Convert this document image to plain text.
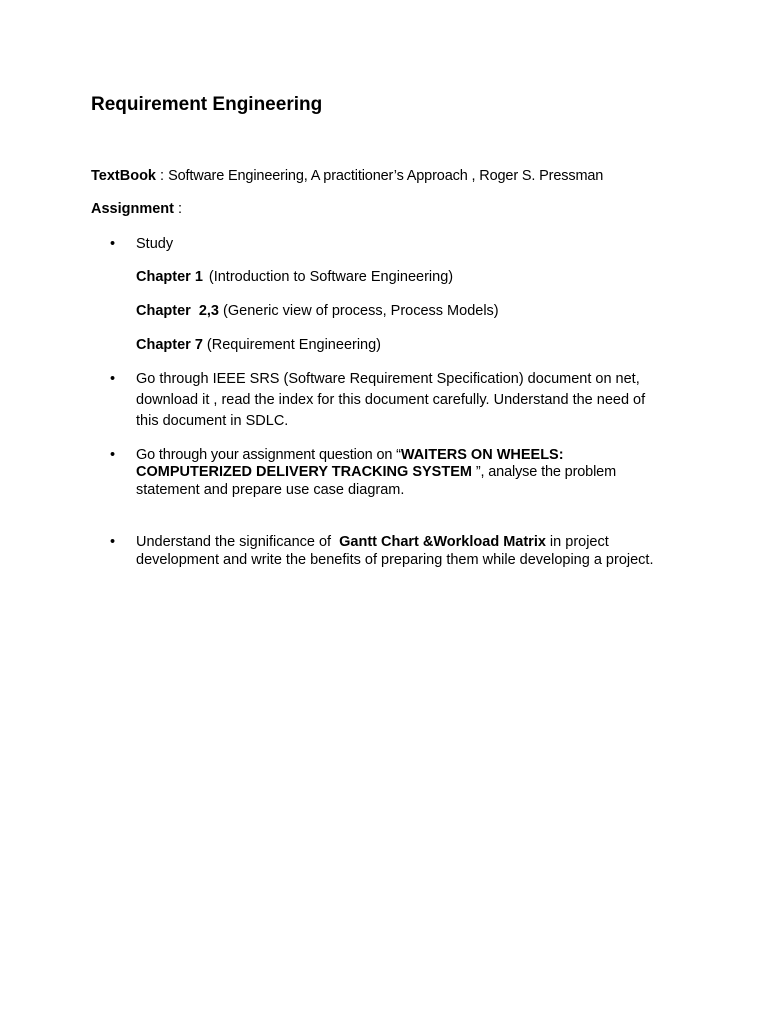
Requirement Engineering
TextBook : Software Engineering, A practitioner’s Approach , Roger S. Pressman
Assignment :
•	Study
Chapter 1 (Introduction to Software Engineering)
Chapter  2,3 (Generic view of process, Process Models)
Chapter 7 (Requirement Engineering)
•	Go through IEEE SRS (Software Requirement Specification) document on net,
download it , read the index for this document carefully. Understand the need of
this document in SDLC.
•	Go through your assignment question on “WAITERS ON WHEELS:
COMPUTERIZED DELIVERY TRACKING SYSTEM ”, analyse the problem
statement and prepare use case diagram.
•	Understand the significance of  Gantt Chart &Workload Matrix in project
development and write the benefits of preparing them while developing a project.
